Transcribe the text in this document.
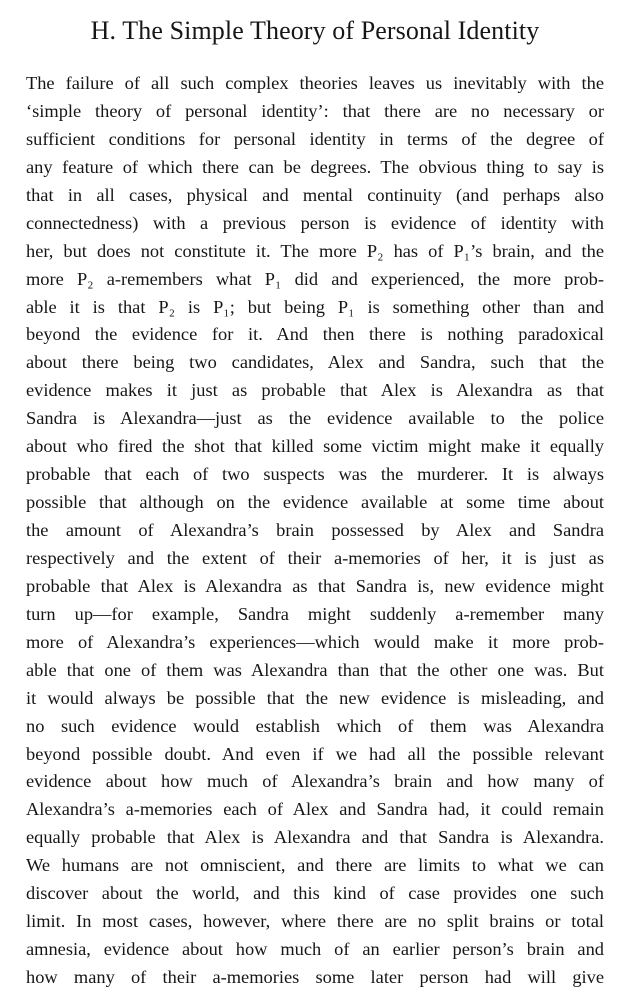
H. The Simple Theory of Personal Identity
The failure of all such complex theories leaves us inevitably with the
‘simple theory of personal identity’: that there are no necessary or
sufficient conditions for personal identity in terms of the degree of
any feature of which there can be degrees. The obvious thing to say is
that in all cases, physical and mental continuity (and perhaps also
connectedness) with a previous person is evidence of identity with
her, but does not constitute it. The more P₂ has of P₁’s brain, and the
more P₂ a-remembers what P₁ did and experienced, the more prob-
able it is that P₂ is P₁; but being P₁ is something other than and
beyond the evidence for it. And then there is nothing paradoxical
about there being two candidates, Alex and Sandra, such that the
evidence makes it just as probable that Alex is Alexandra as that
Sandra is Alexandra—just as the evidence available to the police
about who fired the shot that killed some victim might make it equally
probable that each of two suspects was the murderer. It is always
possible that although on the evidence available at some time about
the amount of Alexandra’s brain possessed by Alex and Sandra
respectively and the extent of their a-memories of her, it is just as
probable that Alex is Alexandra as that Sandra is, new evidence might
turn up—for example, Sandra might suddenly a-remember many
more of Alexandra’s experiences—which would make it more prob-
able that one of them was Alexandra than that the other one was. But
it would always be possible that the new evidence is misleading, and
no such evidence would establish which of them was Alexandra
beyond possible doubt. And even if we had all the possible relevant
evidence about how much of Alexandra’s brain and how many of
Alexandra’s a-memories each of Alex and Sandra had, it could remain
equally probable that Alex is Alexandra and that Sandra is Alexandra.
We humans are not omniscient, and there are limits to what we can
discover about the world, and this kind of case provides one such
limit. In most cases, however, where there are no split brains or total
amnesia, evidence about how much of an earlier person’s brain and
how many of their a-memories some later person had will give
